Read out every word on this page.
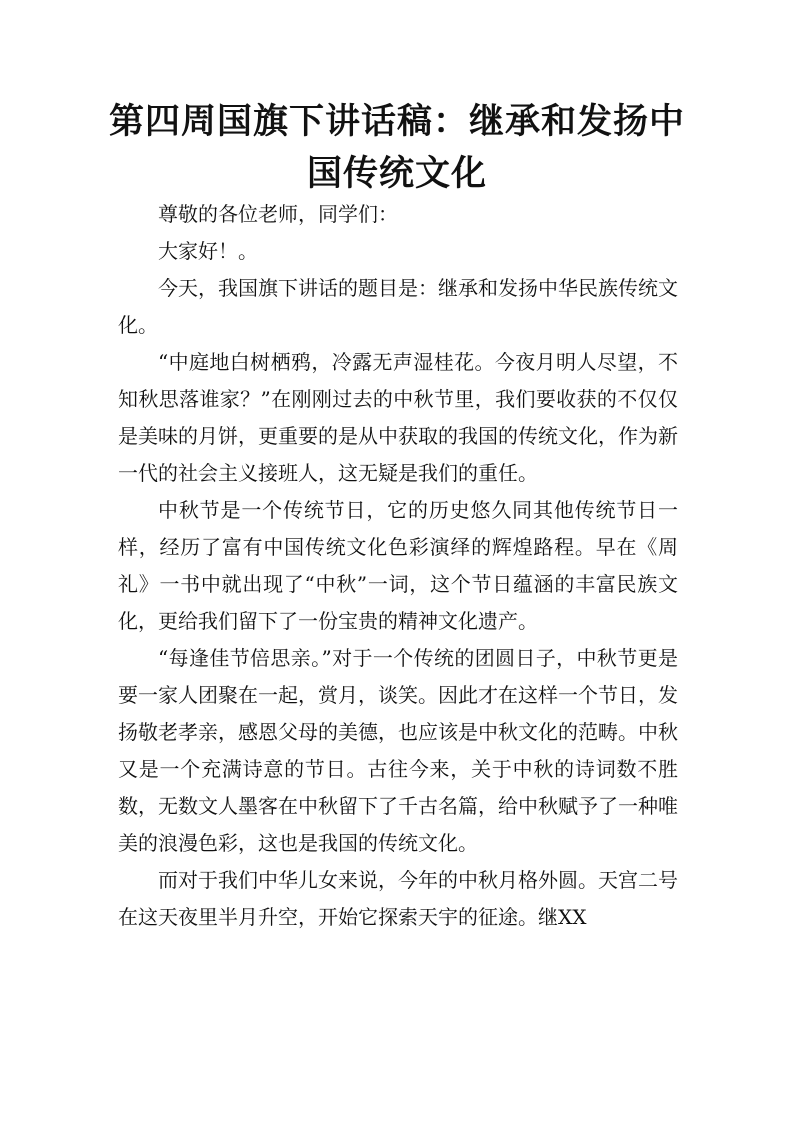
第四周国旗下讲话稿：继承和发扬中国传统文化

尊敬的各位老师，同学们：

大家好！。

今天，我国旗下讲话的题目是：继承和发扬中华民族传统文化。

“中庭地白树栖鸦，冷露无声湿桂花。今夜月明人尽望，不知秋思落谁家？”在刚刚过去的中秋节里，我们要收获的不仅仅是美味的月饼，更重要的是从中获取的我国的传统文化，作为新一代的社会主义接班人，这无疑是我们的重任。

中秋节是一个传统节日，它的历史悠久同其他传统节日一样，经历了富有中国传统文化色彩演绎的辉煌路程。早在《周礼》一书中就出现了“中秋”一词，这个节日蕴涵的丰富民族文化，更给我们留下了一份宝贵的精神文化遗产。

“每逢佳节倍思亲。”对于一个传统的团圆日子，中秋节更是要一家人团聚在一起，赏月，谈笑。因此才在这样一个节日，发扬敬老孝亲，感恩父母的美德，也应该是中秋文化的范畴。中秋又是一个充满诗意的节日。古往今来，关于中秋的诗词数不胜数，无数文人墨客在中秋留下了千古名篇，给中秋赋予了一种唯美的浪漫色彩，这也是我国的传统文化。

而对于我们中华儿女来说，今年的中秋月格外圆。天宫二号在这天夜里半月升空，开始它探索天宇的征途。继XX
